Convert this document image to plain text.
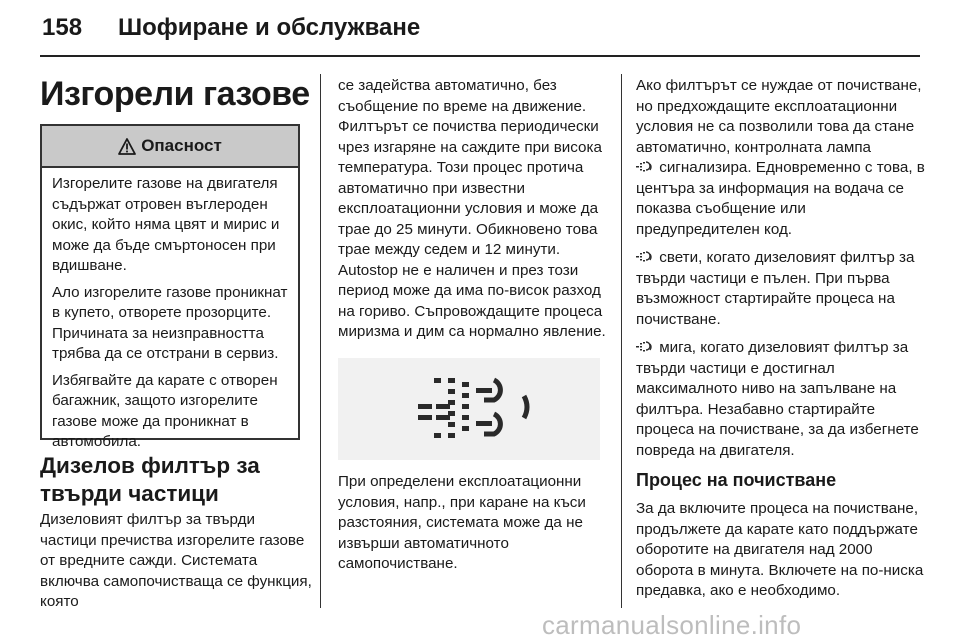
158 Шофиране и обслужване
Изгорели газове
Опасност

Изгорелите газове на двигателя съдържат отровен въглероден окис, който няма цвят и мирис и може да бъде смъртоносен при вдишване.

Ало изгорелите газове проникнат в купето, отворете прозорците. Причината за неизправността трябва да се отстрани в сервиз.

Избягвайте да карате с отворен багажник, защото изгорелите газове може да проникнат в автомобила.

Дизелов филтър за твърди частици
Дизеловият филтър за твърди частици пречиства изгорелите газове от вредните сажди. Системата включва самопочистваща се функция, която
се задейства автоматично, без съобщение по време на движение. Филтърът се почиства периодически чрез изгаряне на саждите при висока температура. Този процес протича автоматично при известни експлоатационни условия и може да трае до 25 минути. Обикновено това трае между седем и 12 минути. Autostop не е наличен и през този период може да има по-висок разход на гориво. Съпровождащите процеса миризма и дим са нормално явление.
При определени експлоатационни условия, напр., при каране на къси разстояния, системата може да не извърши автоматичното самопочистване.

Ако филтърът се нуждае от почистване, но предхождащите експлоатационни условия не са позволили това да стане автоматично, контролната лампа
сигнализира. Едновременно с това, в центъра за информация на водача се показва съобщение или предупредителен код.

свети, когато дизеловият филтър за твърди частици е пълен. При първа възможност стартирайте процеса на почистване.

мига, когато дизеловият филтър за твърди частици е достигнал максималното ниво на запълване на филтъра. Незабавно стартирайте процеса на почистване, за да избегнете повреда на двигателя.

Процес на почистване

За да включите процеса на почистване, продължете да карате като поддържате оборотите на двигателя над 2000 оборота в минута. Включете на по-ниска предавка, ако е необходимо.

carmanualsonline.info
